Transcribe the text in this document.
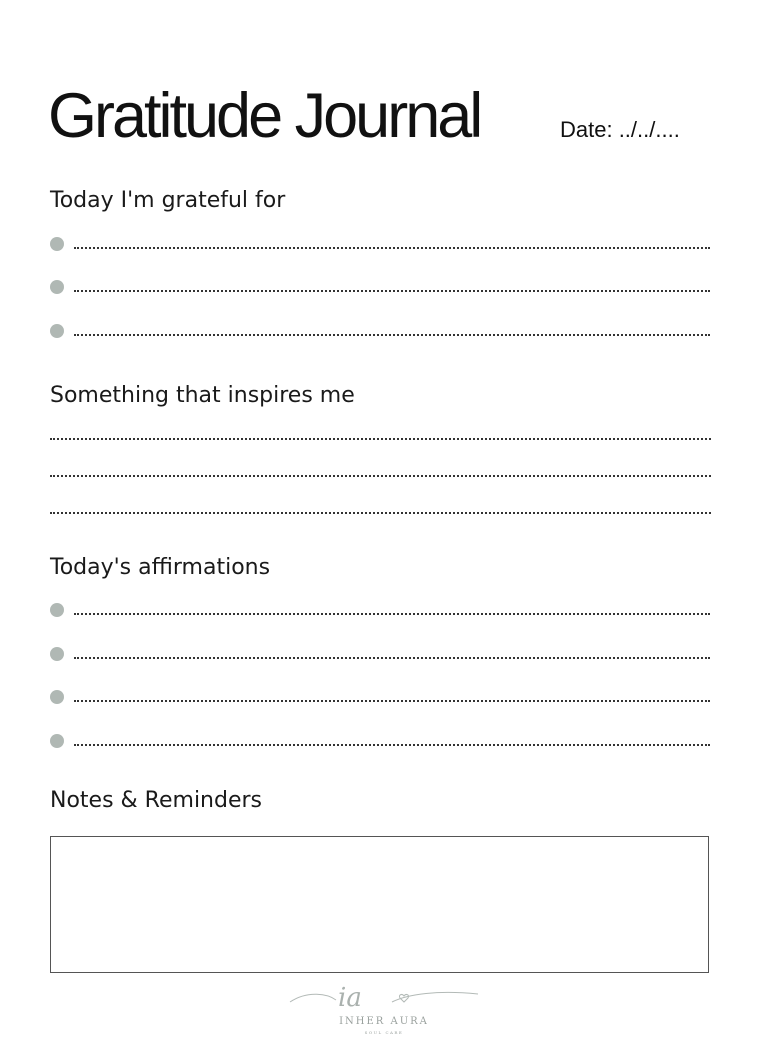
Gratitude Journal	Date: ../../....
Today I'm grateful for
Something that inspires me
Today's affirmations
Notes & Reminders
ia
INHER AURA
SOUL CARE
